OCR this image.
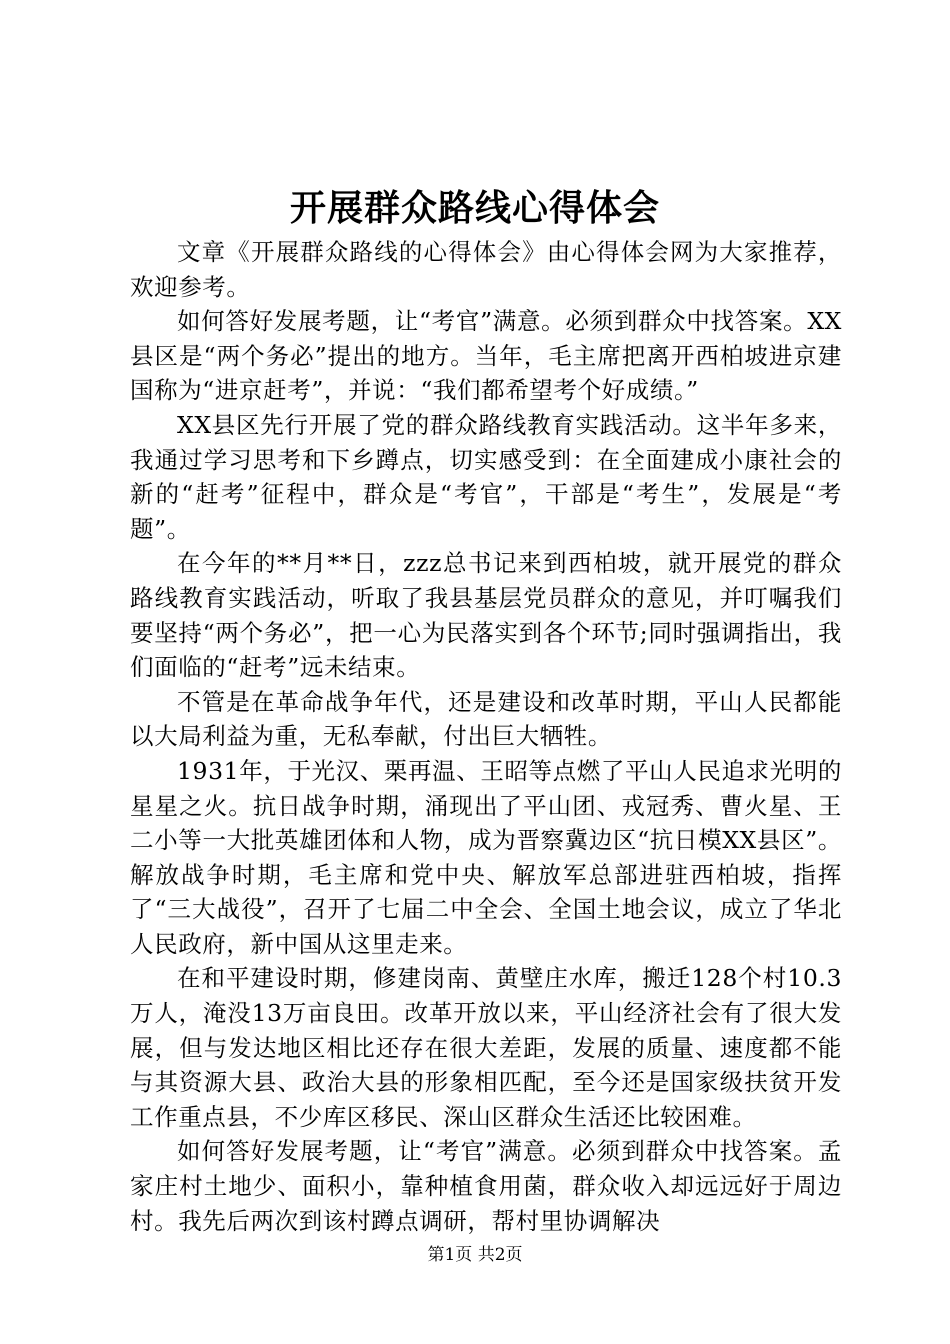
开展群众路线心得体会

文章《开展群众路线的心得体会》由心得体会网为大家推荐，欢迎参考。

如何答好发展考题，让“考官”满意。必须到群众中找答案。XX县区是“两个务必”提出的地方。当年，毛主席把离开西柏坡进京建国称为“进京赶考”，并说：“我们都希望考个好成绩。”

XX县区先行开展了党的群众路线教育实践活动。这半年多来，我通过学习思考和下乡蹲点，切实感受到：在全面建成小康社会的新的“赶考”征程中，群众是“考官”，干部是“考生”，发展是“考题”。

在今年的**月**日，zzz总书记来到西柏坡，就开展党的群众路线教育实践活动，听取了我县基层党员群众的意见，并叮嘱我们要坚持“两个务必”，把一心为民落实到各个环节;同时强调指出，我们面临的“赶考”远未结束。

不管是在革命战争年代，还是建设和改革时期，平山人民都能以大局利益为重，无私奉献，付出巨大牺牲。

1931年，于光汉、栗再温、王昭等点燃了平山人民追求光明的星星之火。抗日战争时期，涌现出了平山团、戎冠秀、曹火星、王二小等一大批英雄团体和人物，成为晋察冀边区“抗日模XX县区”。解放战争时期，毛主席和党中央、解放军总部进驻西柏坡，指挥了“三大战役”，召开了七届二中全会、全国土地会议，成立了华北人民政府，新中国从这里走来。

在和平建设时期，修建岗南、黄壁庄水库，搬迁128个村10.3万人，淹没13万亩良田。改革开放以来，平山经济社会有了很大发展，但与发达地区相比还存在很大差距，发展的质量、速度都不能与其资源大县、政治大县的形象相匹配，至今还是国家级扶贫开发工作重点县，不少库区移民、深山区群众生活还比较困难。

如何答好发展考题，让“考官”满意。必须到群众中找答案。孟家庄村土地少、面积小，靠种植食用菌，群众收入却远远好于周边村。我先后两次到该村蹲点调研，帮村里协调解决

第1页 共2页
